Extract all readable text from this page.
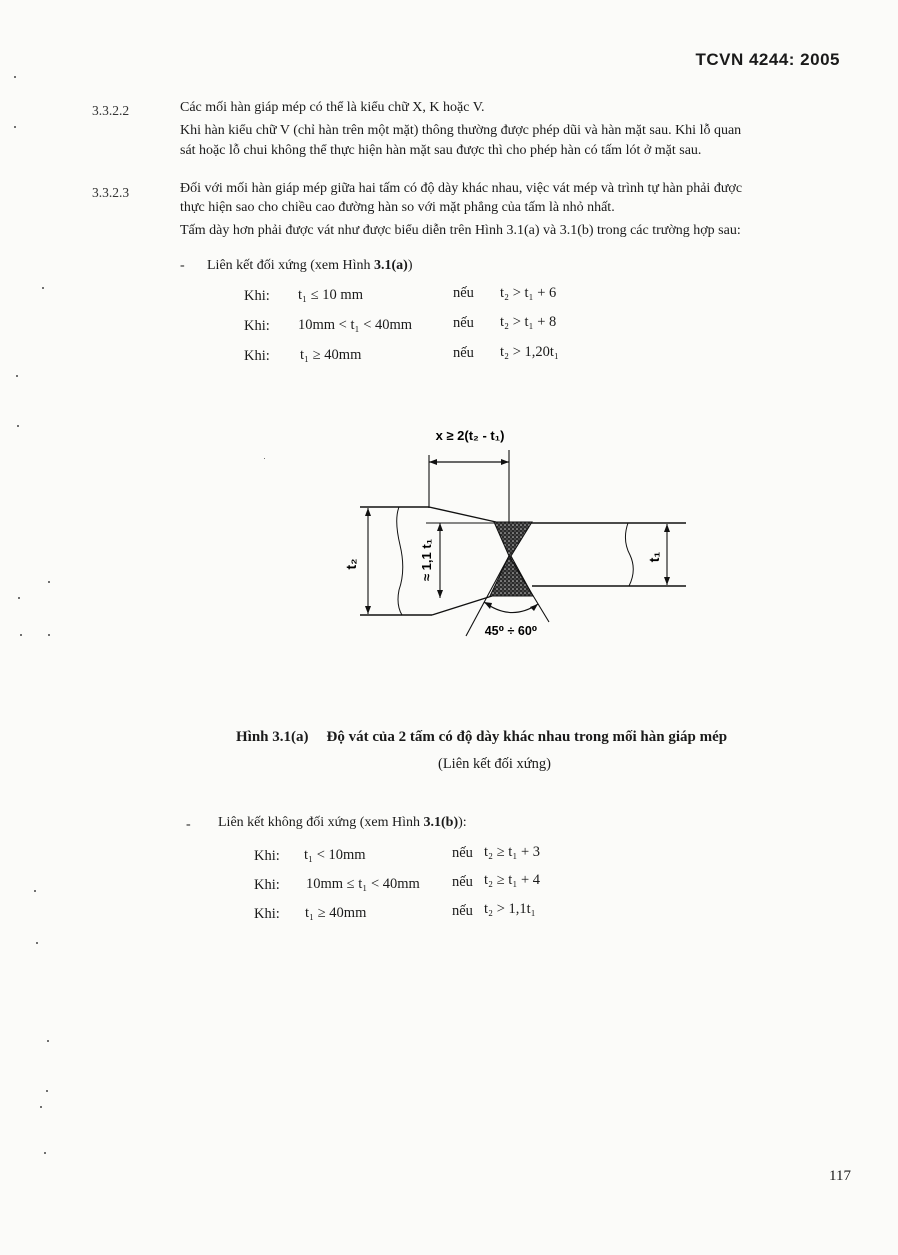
TCVN 4244: 2005
3.3.2.2	Các mối hàn giáp mép có thể là kiểu chữ X, K hoặc V.
Khi hàn kiểu chữ V (chỉ hàn trên một mặt) thông thường được phép dũi và hàn mặt sau. Khi lỗ quan
sát hoặc lỗ chui không thể thực hiện hàn mặt sau được thì cho phép hàn có tấm lót ở mặt sau.
3.3.2.3	Đối với mối hàn giáp mép giữa hai tấm có độ dày khác nhau, việc vát mép và trình tự hàn phải được
thực hiện sao cho chiều cao đường hàn so với mặt phẳng của tấm là nhỏ nhất.
Tấm dày hơn phải được vát như được biểu diễn trên Hình 3.1(a) và 3.1(b) trong các trường hợp sau:
- Liên kết đối xứng (xem Hình 3.1(a))
Khi: t₁ ≤ 10 mm	nếu t₂ > t₁ + 6
Khi: 10mm < t₁ < 40mm	nếu t₂ > t₁ + 8
Khi: t₁ ≥ 40mm	nếu t₂ > 1,20t₁
x ≥ 2(t₂ - t₁)
t₂	≈ 1,1 t₁	t₁
45⁰ ÷ 60⁰
Hình 3.1(a) Độ vát của 2 tấm có độ dày khác nhau trong mối hàn giáp mép
(Liên kết đối xứng)
- Liên kết không đối xứng (xem Hình 3.1(b)):
Khi: t₁ < 10mm	nếu t₂ ≥ t₁ + 3
Khi: 10mm ≤ t₁ < 40mm nếu t₂ ≥ t₁ + 4
Khi: t₁ ≥ 40mm	nếu t₂ > 1,1t₁
117
